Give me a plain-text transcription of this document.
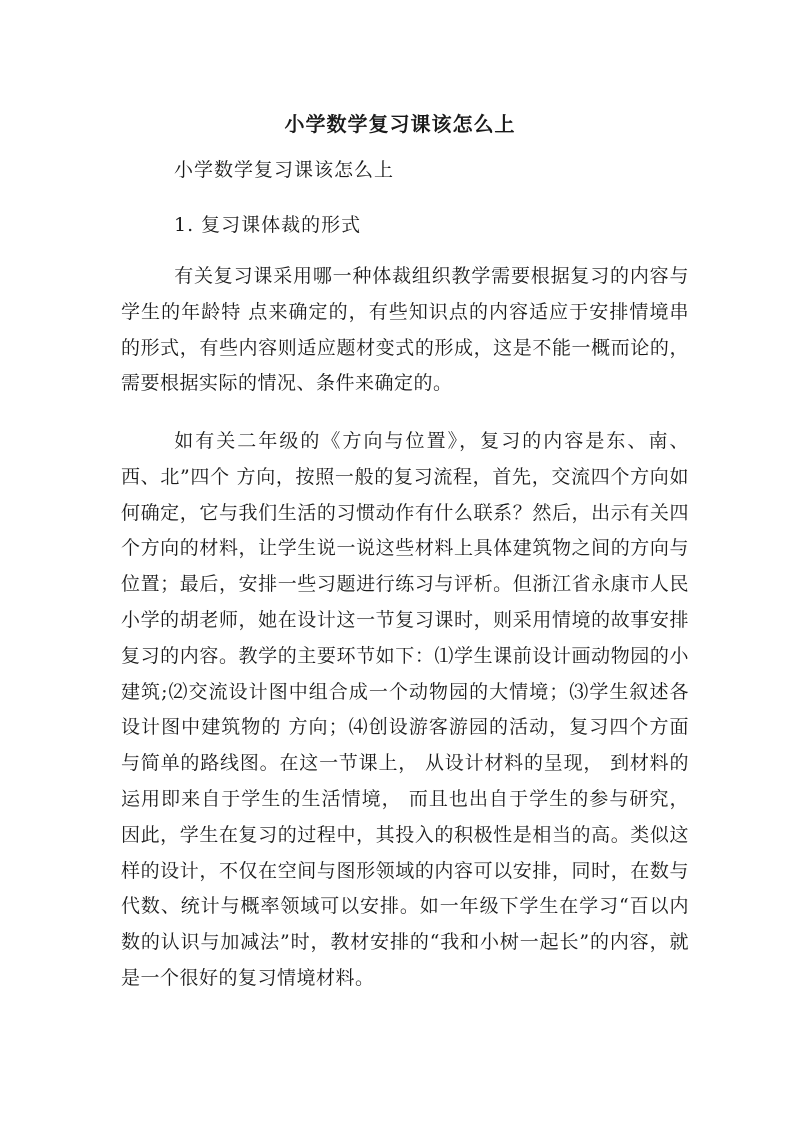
小学数学复习课该怎么上
小学数学复习课该怎么上
1. 复习课体裁的形式

有关复习课采用哪一种体裁组织教学需要根据复习的内容与学生的年龄特 点来确定的，有些知识点的内容适应于安排情境串的形式，有些内容则适应题材变式的形成，这是不能一概而论的，需要根据实际的情况、条件来确定的。

如有关二年级的《方向与位置》，复习的内容是东、南、西、北”四个 方向，按照一般的复习流程，首先，交流四个方向如何确定，它与我们生活的习惯动作有什么联系？然后，出示有关四个方向的材料，让学生说一说这些材料上具体建筑物之间的方向与位置；最后，安排一些习题进行练习与评析。但浙江省永康市人民小学的胡老师，她在设计这一节复习课时，则采用情境的故事安排复习的内容。教学的主要环节如下：⑴学生课前设计画动物园的小建筑;⑵交流设计图中组合成一个动物园的大情境；⑶学生叙述各设计图中建筑物的 方向；⑷创设游客游园的活动，复习四个方面与简单的路线图。在这一节课上， 从设计材料的呈现， 到材料的运用即来自于学生的生活情境， 而且也出自于学生的参与研究，因此，学生在复习的过程中，其投入的积极性是相当的高。类似这样的设计，不仅在空间与图形领域的内容可以安排，同时，在数与代数、统计与概率领域可以安排。如一年级下学生在学习“百以内数的认识与加减法”时，教材安排的“我和小树一起长”的内容，就是一个很好的复习情境材料。
